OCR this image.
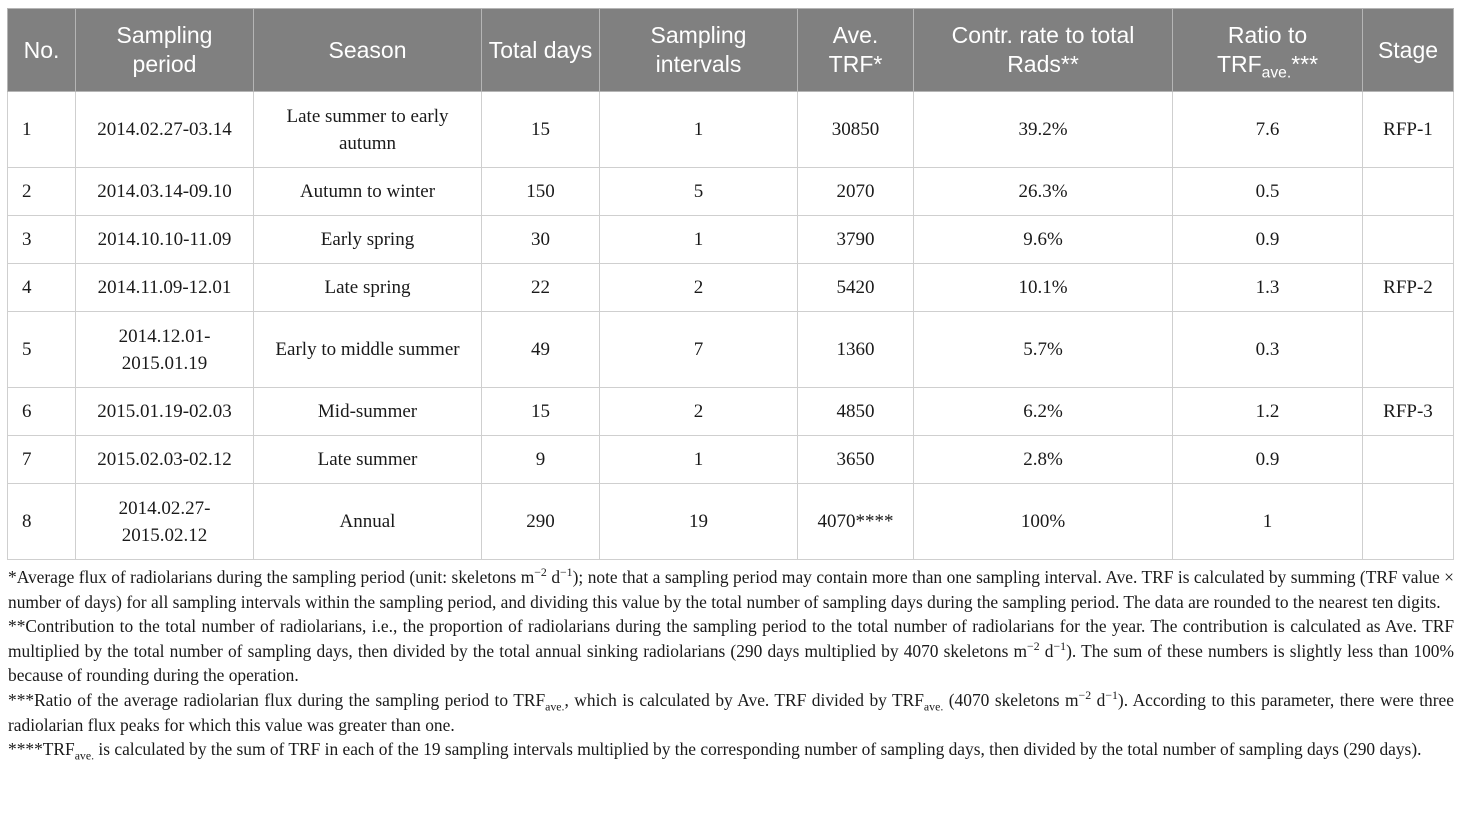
No.	Sampling period	Season	Total days	Sampling intervals	Ave. TRF*	Contr. rate to total Rads**	Ratio to $TRF_{ave.}***$	Stage
1	2014.02.27-03.14	Late summer to early autumn	15	1	30850	39.2%	7.6	RFP-1
2	2014.03.14-09.10	Autumn to winter	150	5	2070	26.3%	0.5	
3	2014.10.10-11.09	Early spring	30	1	3790	9.6%	0.9	
4	2014.11.09-12.01	Late spring	22	2	5420	10.1%	1.3	RFP-2
5	2014.12.01-2015.01.19	Early to middle summer	49	7	1360	5.7%	0.3	
6	2015.01.19-02.03	Mid-summer	15	2	4850	6.2%	1.2	RFP-3
7	2015.02.03-02.12	Late summer	9	1	3650	2.8%	0.9	
8	2014.02.27-2015.02.12	Annual	290	19	4070****	100%	1	

*Average flux of radiolarians during the sampling period (unit: skeletons $m^{-2}$ $d^{-1}$); note that a sampling period may contain more than one sampling interval. Ave. TRF is calculated by summing (TRF value × number of days) for all sampling intervals within the sampling period, and dividing this value by the total number of sampling days during the sampling period. The data are rounded to the nearest ten digits.

**Contribution to the total number of radiolarians, i.e., the proportion of radiolarians during the sampling period to the total number of radiolarians for the year. The contribution is calculated as Ave. TRF multiplied by the total number of sampling days, then divided by the total annual sinking radiolarians (290 days multiplied by 4070 skeletons $m^{-2}$ $d^{-1}$). The sum of these numbers is slightly less than 100% because of rounding during the operation.

***Ratio of the average radiolarian flux during the sampling period to $TRF_{ave.}$, which is calculated by Ave. TRF divided by $TRF_{ave.}$ (4070 skeletons $m^{-2}$ $d^{-1}$). According to this parameter, there were three radiolarian flux peaks for which this value was greater than one.

$****TRF_{ave.}$ is calculated by the sum of TRF in each of the 19 sampling intervals multiplied by the corresponding number of sampling days, then divided by the total number of sampling days (290 days).
